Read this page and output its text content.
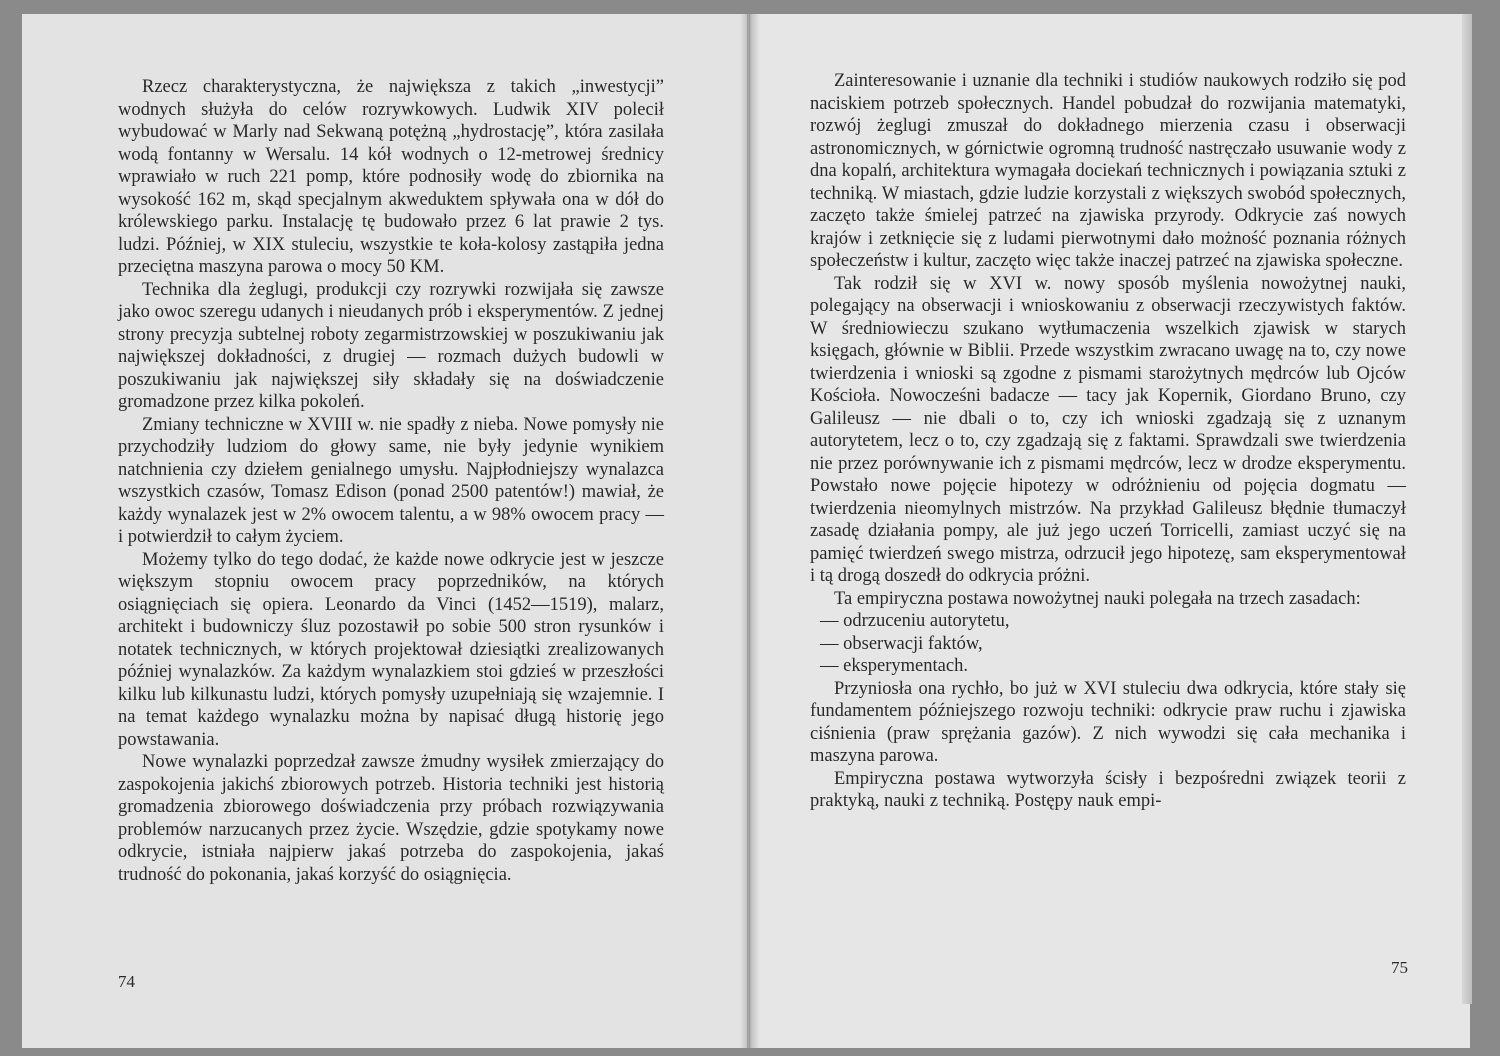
Rzecz charakterystyczna, że największa z takich „inwestycji” wodnych służyła do celów rozrywkowych. Ludwik XIV polecił wybudować w Marly nad Sekwaną potężną „hydrostację”, która zasilała wodą fontanny w Wersalu. 14 kół wodnych o 12-metrowej średnicy wprawiało w ruch 221 pomp, które podnosiły wodę do zbiornika na wysokość 162 m, skąd specjalnym akweduktem spływała ona w dół do królewskiego parku. Instalację tę budowało przez 6 lat prawie 2 tys. ludzi. Później, w XIX stuleciu, wszystkie te koła-kolosy zastąpiła jedna przeciętna maszyna parowa o mocy 50 KM.

Technika dla żeglugi, produkcji czy rozrywki rozwijała się zawsze jako owoc szeregu udanych i nieudanych prób i eksperymentów. Z jednej strony precyzja subtelnej roboty zegarmistrzowskiej w poszukiwaniu jak największej dokładności, z drugiej — rozmach dużych budowli w poszukiwaniu jak największej siły składały się na doświadczenie gromadzone przez kilka pokoleń.

Zmiany techniczne w XVIII w. nie spadły z nieba. Nowe pomysły nie przychodziły ludziom do głowy same, nie były jedynie wynikiem natchnienia czy dziełem genialnego umysłu. Najpłodniejszy wynalazca wszystkich czasów, Tomasz Edison (ponad 2500 patentów!) mawiał, że każdy wynalazek jest w 2% owocem talentu, a w 98% owocem pracy — i potwierdził to całym życiem.

Możemy tylko do tego dodać, że każde nowe odkrycie jest w jeszcze większym stopniu owocem pracy poprzedników, na których osiągnięciach się opiera. Leonardo da Vinci (1452—1519), malarz, architekt i budowniczy śluz pozostawił po sobie 500 stron rysunków i notatek technicznych, w których projektował dziesiątki zrealizowanych później wynalazków. Za każdym wynalazkiem stoi gdzieś w przeszłości kilku lub kilkunastu ludzi, których pomysły uzupełniają się wzajemnie. I na temat każdego wynalazku można by napisać długą historię jego powstawania.

Nowe wynalazki poprzedzał zawsze żmudny wysiłek zmierzający do zaspokojenia jakichś zbiorowych potrzeb. Historia techniki jest historią gromadzenia zbiorowego doświadczenia przy próbach rozwiązywania problemów narzucanych przez życie. Wszędzie, gdzie spotykamy nowe odkrycie, istniała najpierw jakaś potrzeba do zaspokojenia, jakaś trudność do pokonania, jakaś korzyść do osiągnięcia.

74

Zainteresowanie i uznanie dla techniki i studiów naukowych rodziło się pod naciskiem potrzeb społecznych. Handel pobudzał do rozwijania matematyki, rozwój żeglugi zmuszał do dokładnego mierzenia czasu i obserwacji astronomicznych, w górnictwie ogromną trudność nastręczało usuwanie wody z dna kopalń, architektura wymagała dociekań technicznych i powiązania sztuki z techniką. W miastach, gdzie ludzie korzystali z większych swobód społecznych, zaczęto także śmielej patrzeć na zjawiska przyrody. Odkrycie zaś nowych krajów i zetknięcie się z ludami pierwotnymi dało możność poznania różnych społeczeństw i kultur, zaczęto więc także inaczej patrzeć na zjawiska społeczne.

Tak rodził się w XVI w. nowy sposób myślenia nowożytnej nauki, polegający na obserwacji i wnioskowaniu z obserwacji rzeczywistych faktów. W średniowieczu szukano wytłumaczenia wszelkich zjawisk w starych księgach, głównie w Biblii. Przede wszystkim zwracano uwagę na to, czy nowe twierdzenia i wnioski są zgodne z pismami starożytnych mędrców lub Ojców Kościoła. Nowocześni badacze — tacy jak Kopernik, Giordano Bruno, czy Galileusz — nie dbali o to, czy ich wnioski zgadzają się z uznanym autorytetem, lecz o to, czy zgadzają się z faktami. Sprawdzali swe twierdzenia nie przez porównywanie ich z pismami mędrców, lecz w drodze eksperymentu. Powstało nowe pojęcie hipotezy w odróżnieniu od pojęcia dogmatu — twierdzenia nieomylnych mistrzów. Na przykład Galileusz błędnie tłumaczył zasadę działania pompy, ale już jego uczeń Torricelli, zamiast uczyć się na pamięć twierdzeń swego mistrza, odrzucił jego hipotezę, sam eksperymentował i tą drogą doszedł do odkrycia próżni.

Ta empiryczna postawa nowożytnej nauki polegała na trzech zasadach:

— odrzuceniu autorytetu,

— obserwacji faktów,

— eksperymentach.

Przyniosła ona rychło, bo już w XVI stuleciu dwa odkrycia, które stały się fundamentem późniejszego rozwoju techniki: odkrycie praw ruchu i zjawiska ciśnienia (praw sprężania gazów). Z nich wywodzi się cała mechanika i maszyna parowa.

Empiryczna postawa wytworzyła ścisły i bezpośredni związek teorii z praktyką, nauki z techniką. Postępy nauk empi-

75
